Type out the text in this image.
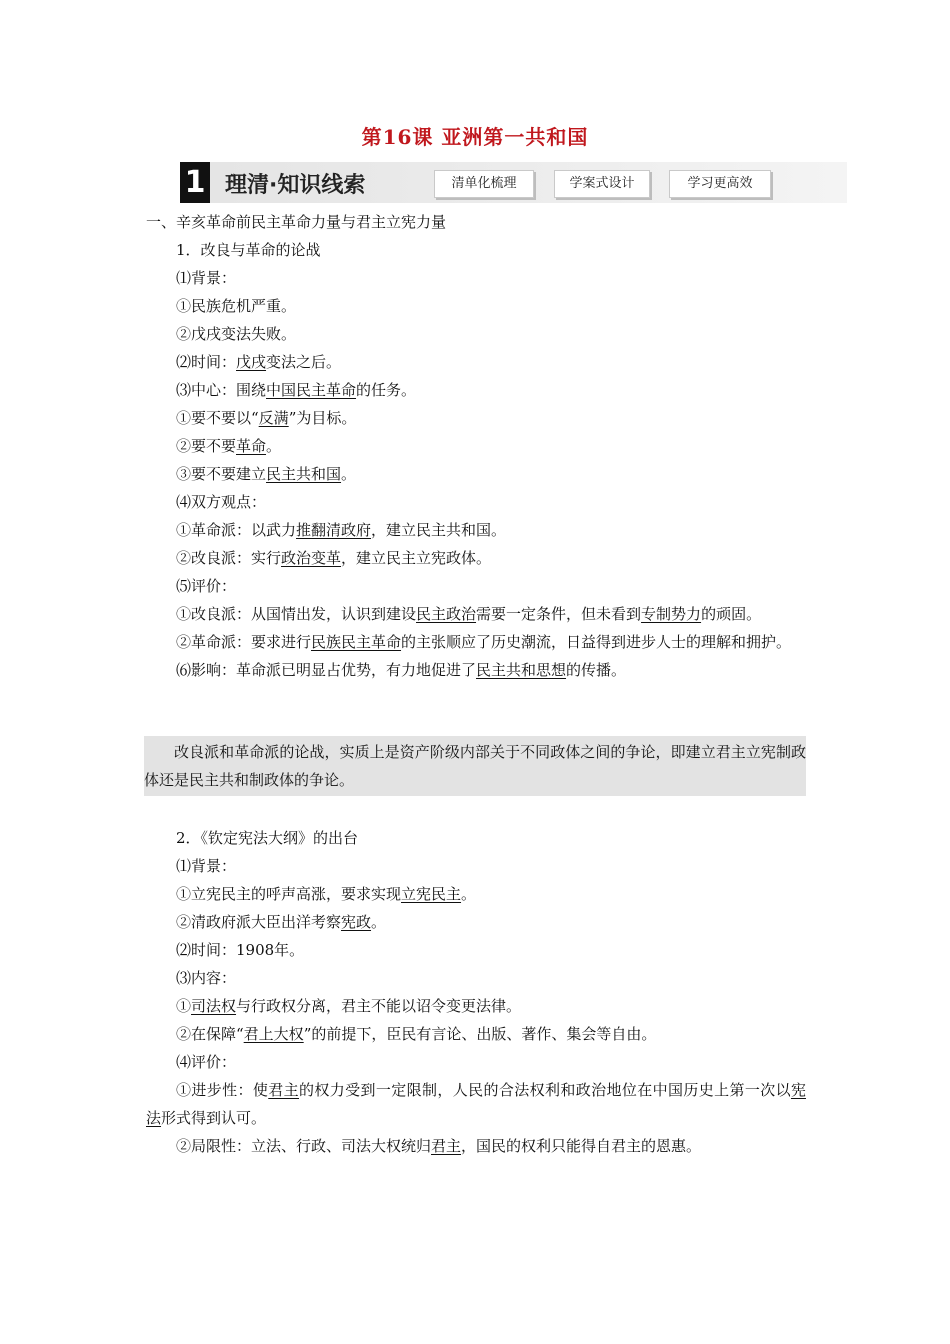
第16课 亚洲第一共和国
1 理清·知识线索	清单化梳理	学案式设计	学习更高效
一、辛亥革命前民主革命力量与君主立宪力量
1．改良与革命的论战
⑴背景：
①民族危机严重。
②戊戌变法失败。
⑵时间：戊戌变法之后。
⑶中心：围绕中国民主革命的任务。
①要不要以“反满”为目标。
②要不要革命。
③要不要建立民主共和国。
⑷双方观点：
①革命派：以武力推翻清政府，建立民主共和国。
②改良派：实行政治变革，建立民主立宪政体。
⑸评价：
①改良派：从国情出发，认识到建设民主政治需要一定条件，但未看到专制势力的顽固。
②革命派：要求进行民族民主革命的主张顺应了历史潮流，日益得到进步人士的理解和拥护。
⑹影响：革命派已明显占优势，有力地促进了民主共和思想的传播。
改良派和革命派的论战，实质上是资产阶级内部关于不同政体之间的争论，即建立君主立宪制政体还是民主共和制政体的争论。
2．《钦定宪法大纲》的出台
⑴背景：
①立宪民主的呼声高涨，要求实现立宪民主。
②清政府派大臣出洋考察宪政。
⑵时间：1908年。
⑶内容：
①司法权与行政权分离，君主不能以诏令变更法律。
②在保障“君上大权”的前提下，臣民有言论、出版、著作、集会等自由。
⑷评价：
①进步性：使君主的权力受到一定限制，人民的合法权利和政治地位在中国历史上第一次以宪法形式得到认可。
②局限性：立法、行政、司法大权统归君主，国民的权利只能得自君主的恩惠。
